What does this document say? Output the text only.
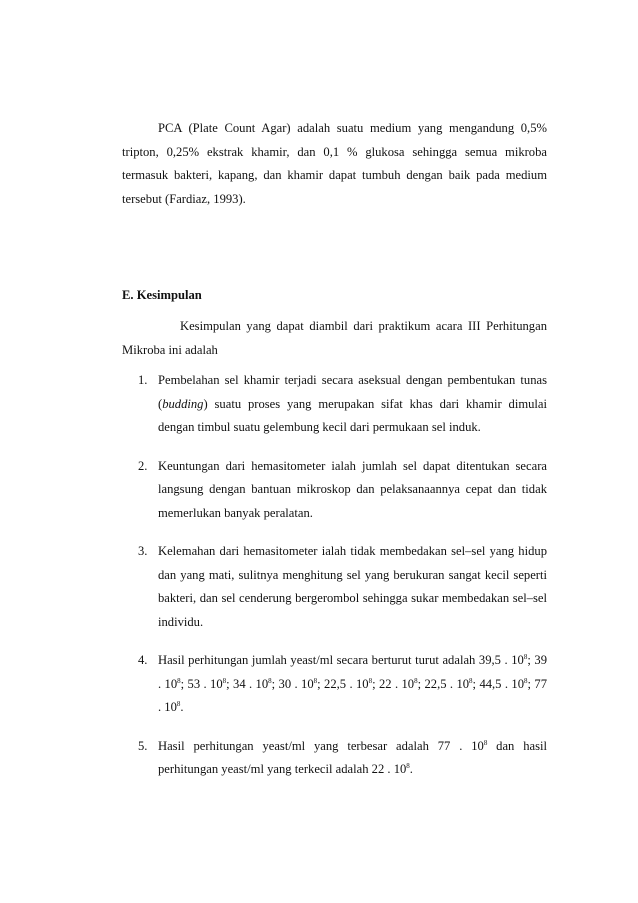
PCA (Plate Count Agar) adalah suatu medium yang mengandung 0,5% tripton, 0,25% ekstrak khamir, dan 0,1 % glukosa sehingga semua mikroba termasuk bakteri, kapang, dan khamir dapat tumbuh dengan baik pada medium tersebut (Fardiaz, 1993).

E. Kesimpulan

Kesimpulan yang dapat diambil dari praktikum acara III Perhitungan Mikroba ini adalah

1. Pembelahan sel khamir terjadi secara aseksual dengan pembentukan tunas (budding) suatu proses yang merupakan sifat khas dari khamir dimulai dengan timbul suatu gelembung kecil dari permukaan sel induk.
2. Keuntungan dari hemasitometer ialah jumlah sel dapat ditentukan secara langsung dengan bantuan mikroskop dan pelaksanaannya cepat dan tidak memerlukan banyak peralatan.
3. Kelemahan dari hemasitometer ialah tidak membedakan sel–sel yang hidup dan yang mati, sulitnya menghitung sel yang berukuran sangat kecil seperti bakteri, dan sel cenderung bergerombol sehingga sukar membedakan sel–sel individu.
4. Hasil perhitungan jumlah yeast/ml secara berturut turut adalah 39,5 . $10^8$; 39 . $10^8$; 53 . $10^8$; 34 . $10^8$; 30 . $10^8$; 22,5 . $10^8$; 22 . $10^8$; 22,5 . $10^8$; 44,5 . $10^8$; 77 . $10^8$.
5. Hasil perhitungan yeast/ml yang terbesar adalah 77 . $10^8$ dan hasil perhitungan yeast/ml yang terkecil adalah 22 . $10^8$.
